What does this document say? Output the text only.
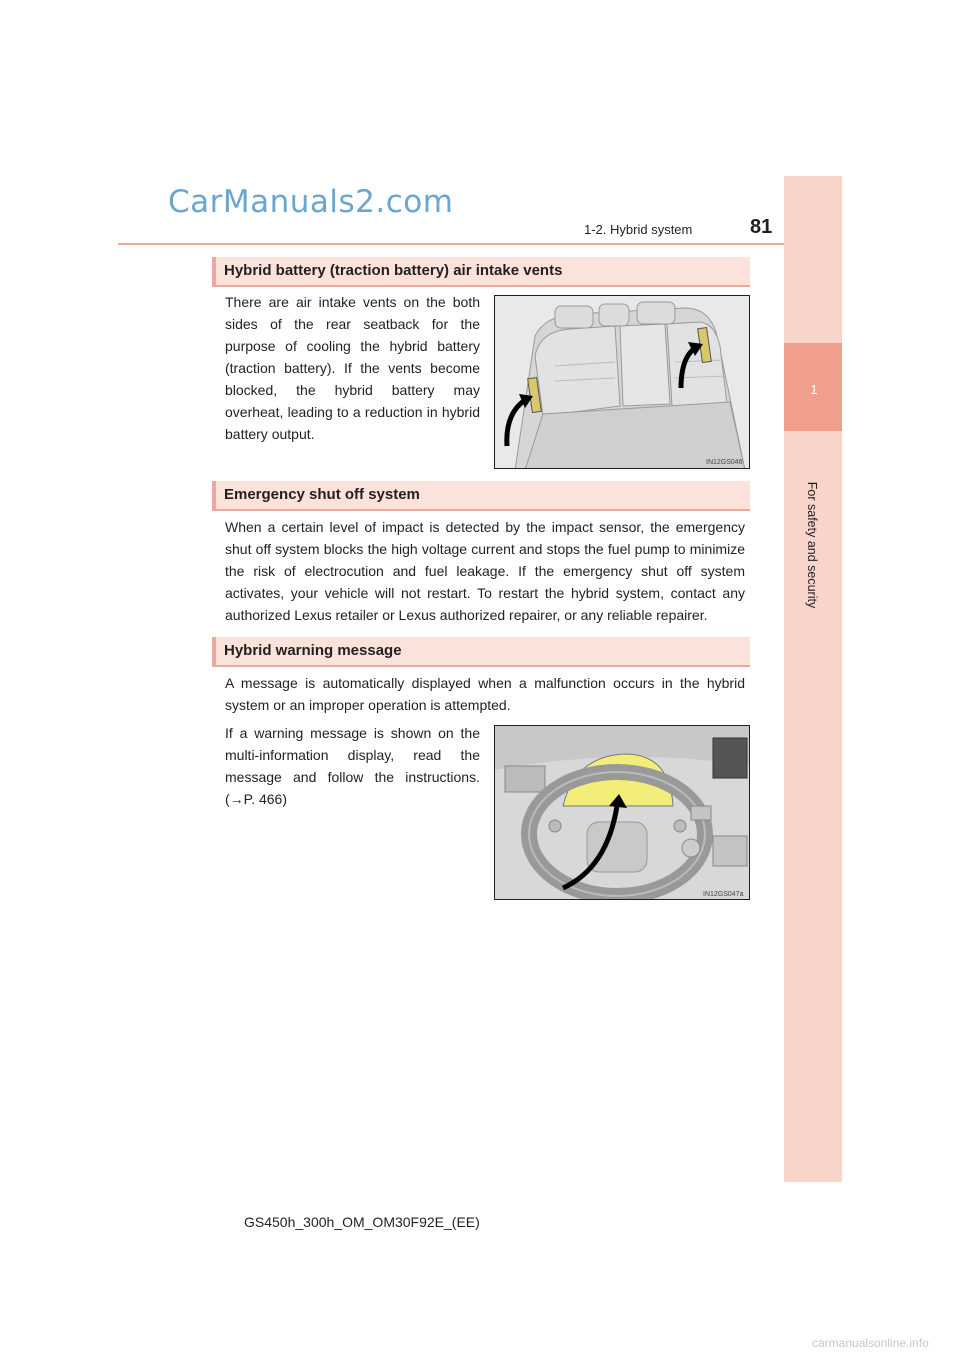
CarManuals2.com
1-2. Hybrid system	81
1
For safety and security
Hybrid battery (traction battery) air intake vents
There are air intake vents on the both sides of the rear seatback for the purpose of cooling the hybrid battery (traction battery). If the vents become blocked, the hybrid battery may overheat, leading to a reduction in hybrid battery output.
IN12GS046
Emergency shut off system
When a certain level of impact is detected by the impact sensor, the emergency shut off system blocks the high voltage current and stops the fuel pump to minimize the risk of electrocution and fuel leakage. If the emergency shut off system activates, your vehicle will not restart. To restart the hybrid system, contact any authorized Lexus retailer or Lexus authorized repairer, or any reliable repairer.
Hybrid warning message
A message is automatically displayed when a malfunction occurs in the hybrid system or an improper operation is attempted.
If a warning message is shown on the multi-information display, read the message and follow the instructions. (→P. 466)
IN12GS047a
GS450h_300h_OM_OM30F92E_(EE)
carmanualsonline.info
